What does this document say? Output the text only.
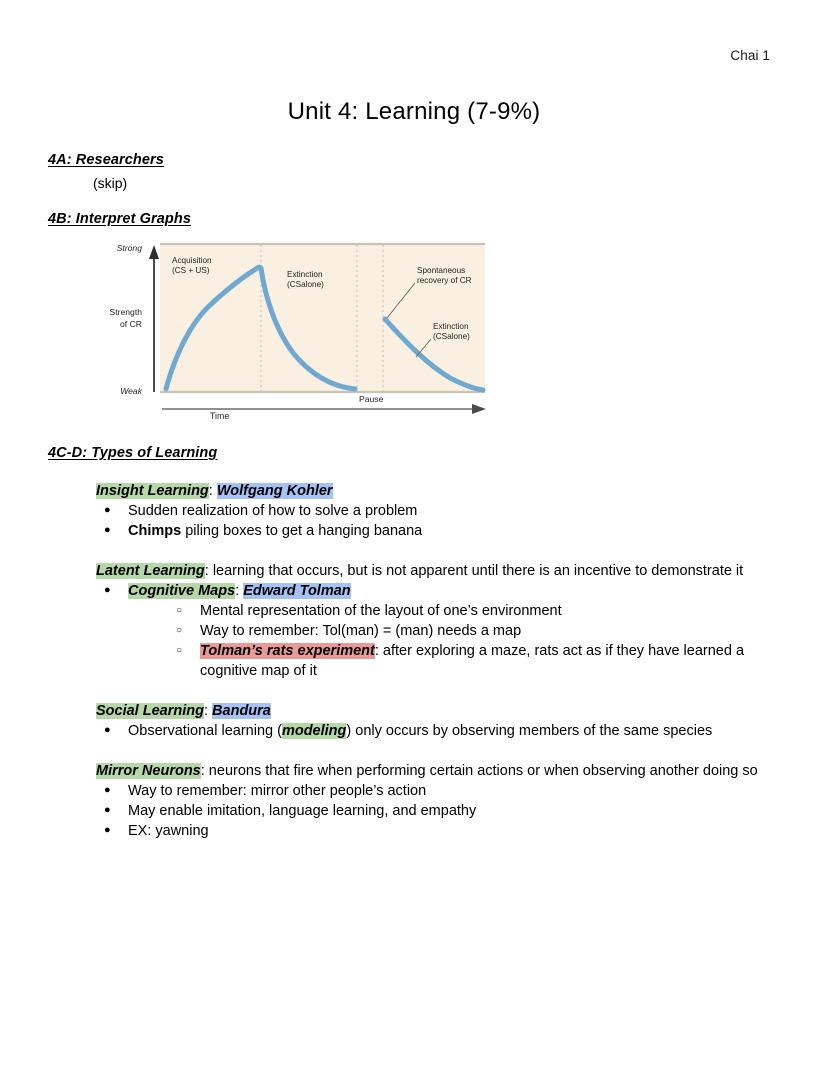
Chai 1
Unit 4: Learning (7-9%)
4A: Researchers
(skip)
4B: Interpret Graphs
Acquisition
(CS + US)	Extinction
(CSalone)
Spontaneous
recovery of CR
Extinction
(CSalone)
Pause
Strong
Weak
Strength
of CR
Time
4C-D: Types of Learning
Insight Learning: Wolfgang Kohler
● Sudden realization of how to solve a problem
● Chimps piling boxes to get a hanging banana
Latent Learning: learning that occurs, but is not apparent until there is an incentive to demonstrate it
● Cognitive Maps: Edward Tolman
○ Mental representation of the layout of one’s environment
○ Way to remember: Tol(man) = (man) needs a map
○ Tolman’s rats experiment: after exploring a maze, rats act as if they have learned a cognitive map of it
Social Learning: Bandura
● Observational learning (modeling) only occurs by observing members of the same species
Mirror Neurons: neurons that fire when performing certain actions or when observing another doing so
● Way to remember: mirror other people’s action
● May enable imitation, language learning, and empathy
● EX: yawning
